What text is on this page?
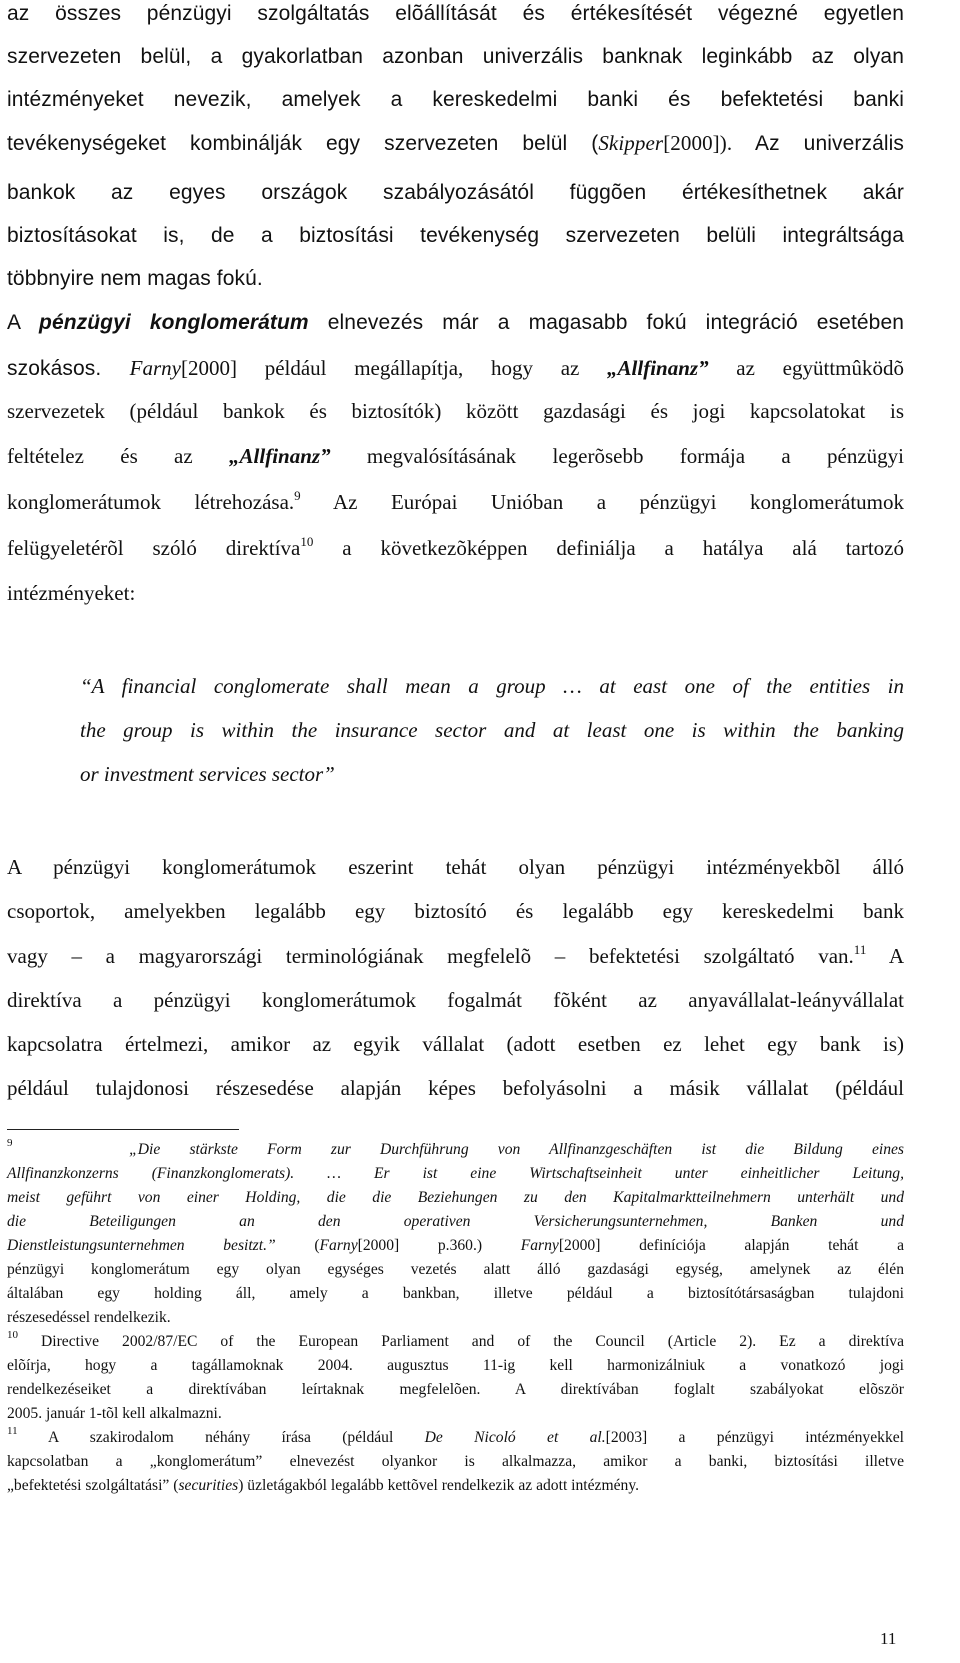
az összes pénzügyi szolgáltatás elõállítását és értékesítését végezné egyetlen
szervezeten belül, a gyakorlatban azonban univerzális banknak leginkább az olyan
intézményeket nevezik, amelyek a kereskedelmi banki és befektetési banki
tevékenységeket kombinálják egy szervezeten belül (Skipper[2000]). Az univerzális
bankok az egyes országok szabályozásától függõen értékesíthetnek akár
biztosításokat is, de a biztosítási tevékenység szervezeten belüli integráltsága
többnyire nem magas fokú.
A pénzügyi konglomerátum elnevezés már a magasabb fokú integráció esetében
szokásos. Farny[2000] például megállapítja, hogy az „Allfinanz” az együttmûködõ
szervezetek (például bankok és biztosítók) között gazdasági és jogi kapcsolatokat is
feltételez és az „Allfinanz” megvalósításának legerõsebb formája a pénzügyi
konglomerátumok létrehozása.$^9$ Az Európai Unióban a pénzügyi konglomerátumok
felügyeletérõl szóló direktíva$^{10}$ a következõképpen definiálja a hatálya alá tartozó
intézményeket:
“A financial conglomerate shall mean a group … at east one of the entities in
the group is within the insurance sector and at least one is within the banking
or investment services sector”
A pénzügyi konglomerátumok eszerint tehát olyan pénzügyi intézményekbõl álló
csoportok, amelyekben legalább egy biztosító és legalább egy kereskedelmi bank
vagy – a magyarországi terminológiának megfelelõ – befektetési szolgáltató van.$^{11}$ A
direktíva a pénzügyi konglomerátumok fogalmát fõként az anyavállalat-leányvállalat
kapcsolatra értelmezi, amikor az egyik vállalat (adott esetben ez lehet egy bank is)
például tulajdonosi részesedése alapján képes befolyásolni a másik vállalat (például
$^9$	„Die stärkste Form zur Durchführung von Allfinanzgeschäften ist die Bildung eines
Allfinanzkonzerns (Finanzkonglomerats). … Er ist eine Wirtschaftseinheit unter einheitlicher Leitung,
meist geführt von einer Holding, die die Beziehungen zu den Kapitalmarktteilnehmern unterhält und
die Beteiligungen an den operativen Versicherungsunternehmen, Banken und
Dienstleistungsunternehmen besitzt.” (Farny[2000] p.360.) Farny[2000] definíciója alapján tehát a
pénzügyi konglomerátum egy olyan egységes vezetés alatt álló gazdasági egység, amelynek az élén
általában egy holding áll, amely a bankban, illetve például a biztosítótársaságban tulajdoni
részesedéssel rendelkezik.
$^{10}$ Directive 2002/87/EC of the European Parliament and of the Council (Article 2). Ez a direktíva
elõírja, hogy a tagállamoknak 2004. augusztus 11-ig kell harmonizálniuk a vonatkozó jogi
rendelkezéseiket a direktívában leírtaknak megfelelõen. A direktívában foglalt szabályokat elõször
2005. január 1-tõl kell alkalmazni.
$^{11}$ A szakirodalom néhány írása (például De Nicoló et al.[2003] a pénzügyi intézményekkel
kapcsolatban a „konglomerátum” elnevezést olyankor is alkalmazza, amikor a banki, biztosítási illetve
„befektetési szolgáltatási” (securities) üzletágakból legalább kettõvel rendelkezik az adott intézmény.
11
